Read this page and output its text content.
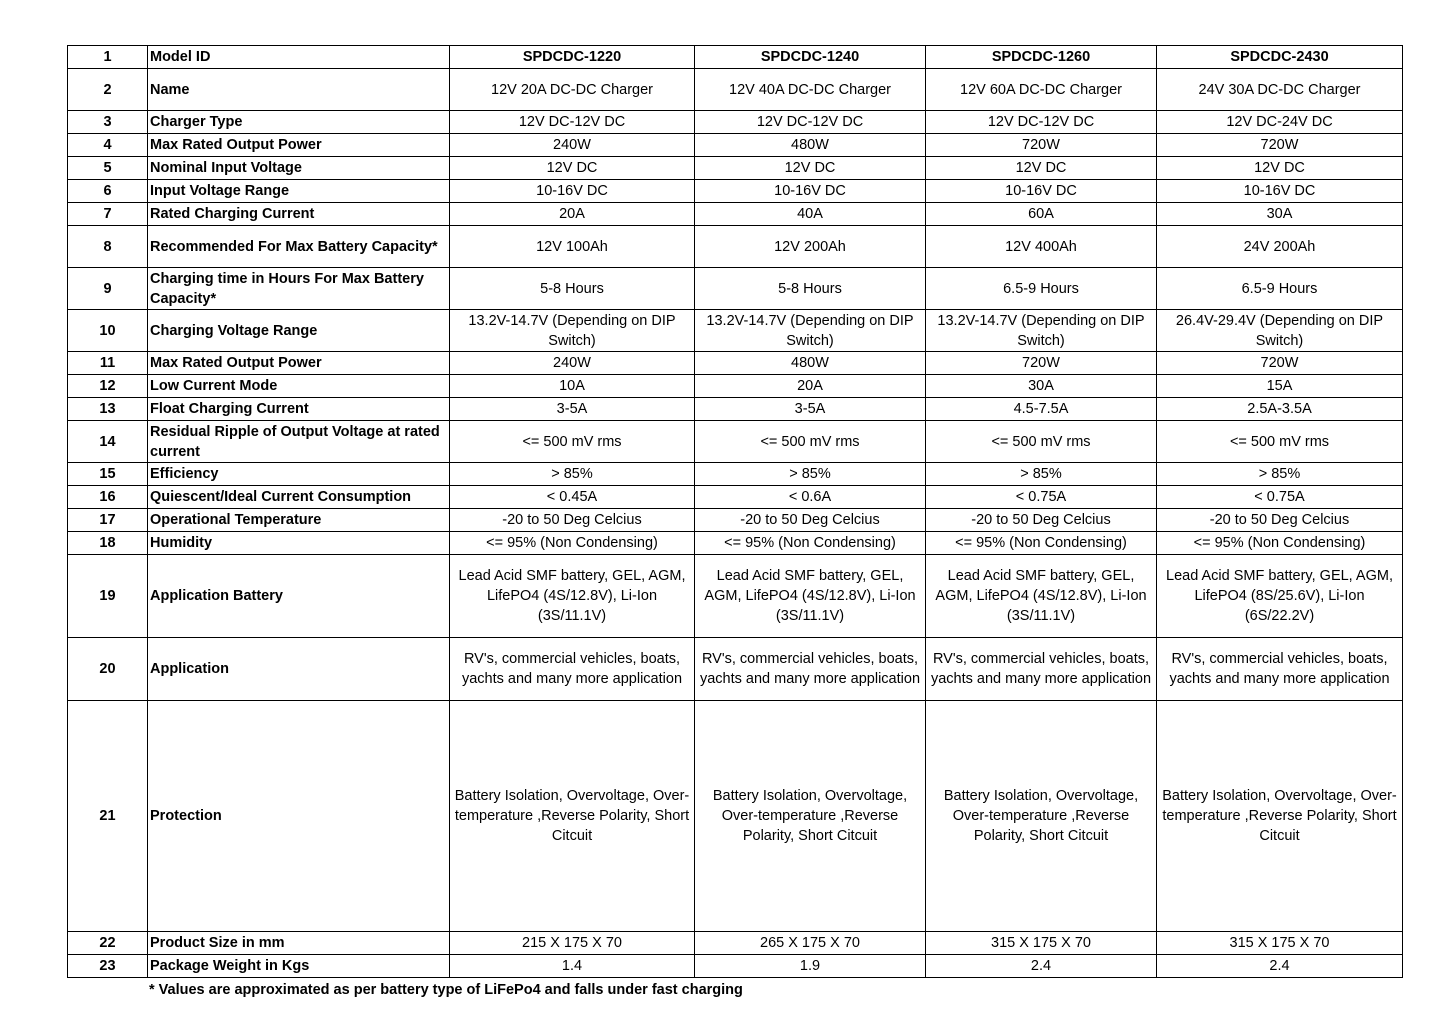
1	Model ID	SPDCDC-1220	SPDCDC-1240	SPDCDC-1260	SPDCDC-2430
2	Name	12V 20A DC-DC Charger	12V 40A DC-DC Charger	12V 60A DC-DC Charger	24V 30A DC-DC Charger
3	Charger Type	12V DC-12V DC	12V DC-12V DC	12V DC-12V DC	12V DC-24V DC
4	Max Rated Output Power	240W	480W	720W	720W
5	Nominal Input Voltage	12V DC	12V DC	12V DC	12V DC
6	Input Voltage Range	10-16V DC	10-16V DC	10-16V DC	10-16V DC
7	Rated Charging Current	20A	40A	60A	30A
8	Recommended For Max Battery Capacity*	12V 100Ah	12V 200Ah	12V 400Ah	24V 200Ah
9	Charging time in Hours For Max Battery Capacity*	5-8 Hours	5-8 Hours	6.5-9 Hours	6.5-9 Hours
10	Charging Voltage Range	13.2V-14.7V (Depending on DIP Switch)	13.2V-14.7V (Depending on DIP Switch)	13.2V-14.7V (Depending on DIP Switch)	26.4V-29.4V (Depending on DIP Switch)
11	Max Rated Output Power	240W	480W	720W	720W
12	Low Current Mode	10A	20A	30A	15A
13	Float Charging Current	3-5A	3-5A	4.5-7.5A	2.5A-3.5A
14	Residual Ripple of Output Voltage at rated current	<= 500 mV rms	<= 500 mV rms	<= 500 mV rms	<= 500 mV rms
15	Efficiency	> 85%	> 85%	> 85%	> 85%
16	Quiescent/Ideal Current Consumption	< 0.45A	< 0.6A	< 0.75A	< 0.75A
17	Operational Temperature	-20 to 50 Deg Celcius	-20 to 50 Deg Celcius	-20 to 50 Deg Celcius	-20 to 50 Deg Celcius
18	Humidity	<= 95% (Non Condensing)	<= 95% (Non Condensing)	<= 95% (Non Condensing)	<= 95% (Non Condensing)
19	Application Battery	Lead Acid SMF battery, GEL, AGM, LifePO4 (4S/12.8V), Li-Ion (3S/11.1V)	Lead Acid SMF battery, GEL, AGM, LifePO4 (4S/12.8V), Li-Ion (3S/11.1V)	Lead Acid SMF battery, GEL, AGM, LifePO4 (4S/12.8V), Li-Ion (3S/11.1V)	Lead Acid SMF battery, GEL, AGM, LifePO4 (8S/25.6V), Li-Ion (6S/22.2V)
20	Application	RV's, commercial vehicles, boats, yachts and many more application	RV's, commercial vehicles, boats, yachts and many more application	RV's, commercial vehicles, boats, yachts and many more application	RV's, commercial vehicles, boats, yachts and many more application
21	Protection	Battery Isolation, Overvoltage, Over-temperature ,Reverse Polarity, Short Citcuit	Battery Isolation, Overvoltage, Over-temperature ,Reverse Polarity, Short Citcuit	Battery Isolation, Overvoltage, Over-temperature ,Reverse Polarity, Short Citcuit	Battery Isolation, Overvoltage, Over-temperature ,Reverse Polarity, Short Citcuit
22	Product Size in mm	215 X 175 X 70	265 X 175 X 70	315 X 175 X 70	315 X 175 X 70
23	Package Weight in Kgs	1.4	1.9	2.4	2.4
* Values are approximated as per battery type of LiFePo4 and falls under fast charging
